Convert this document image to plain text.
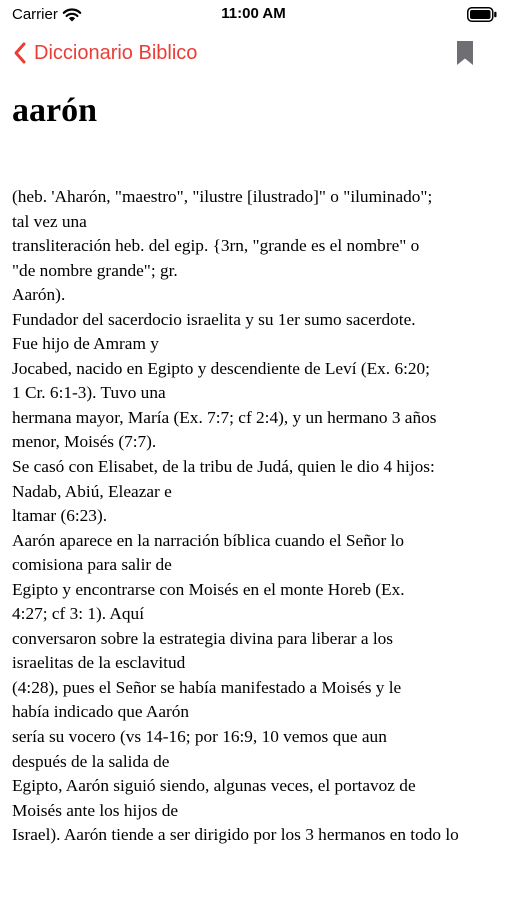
Carrier	11:00 AM
Diccionario Biblico
aarón
(heb. 'Aharón, "maestro", "ilustre [ilustrado]" o "iluminado";
tal vez una
transliteración heb. del egip. {3rn, "grande es el nombre" o
"de nombre grande"; gr.
Aarón).
Fundador del sacerdocio israelita y su 1er sumo sacerdote.
Fue hijo de Amram y
Jocabed, nacido en Egipto y descendiente de Leví (Ex. 6:20;
1 Cr. 6:1-3). Tuvo una
hermana mayor, María (Ex. 7:7; cf 2:4), y un hermano 3 años
menor, Moisés (7:7).
Se casó con Elisabet, de la tribu de Judá, quien le dio 4 hijos:
Nadab, Abiú, Eleazar e
ltamar (6:23).
Aarón aparece en la narración bíblica cuando el Señor lo
comisiona para salir de
Egipto y encontrarse con Moisés en el monte Horeb (Ex.
4:27; cf 3: 1). Aquí
conversaron sobre la estrategia divina para liberar a los
israelitas de la esclavitud
(4:28), pues el Señor se había manifestado a Moisés y le
había indicado que Aarón
sería su vocero (vs 14-16; por 16:9, 10 vemos que aun
después de la salida de
Egipto, Aarón siguió siendo, algunas veces, el portavoz de
Moisés ante los hijos de
Israel). Aarón tiende a ser dirigido por los 3 hermanos en todo lo
